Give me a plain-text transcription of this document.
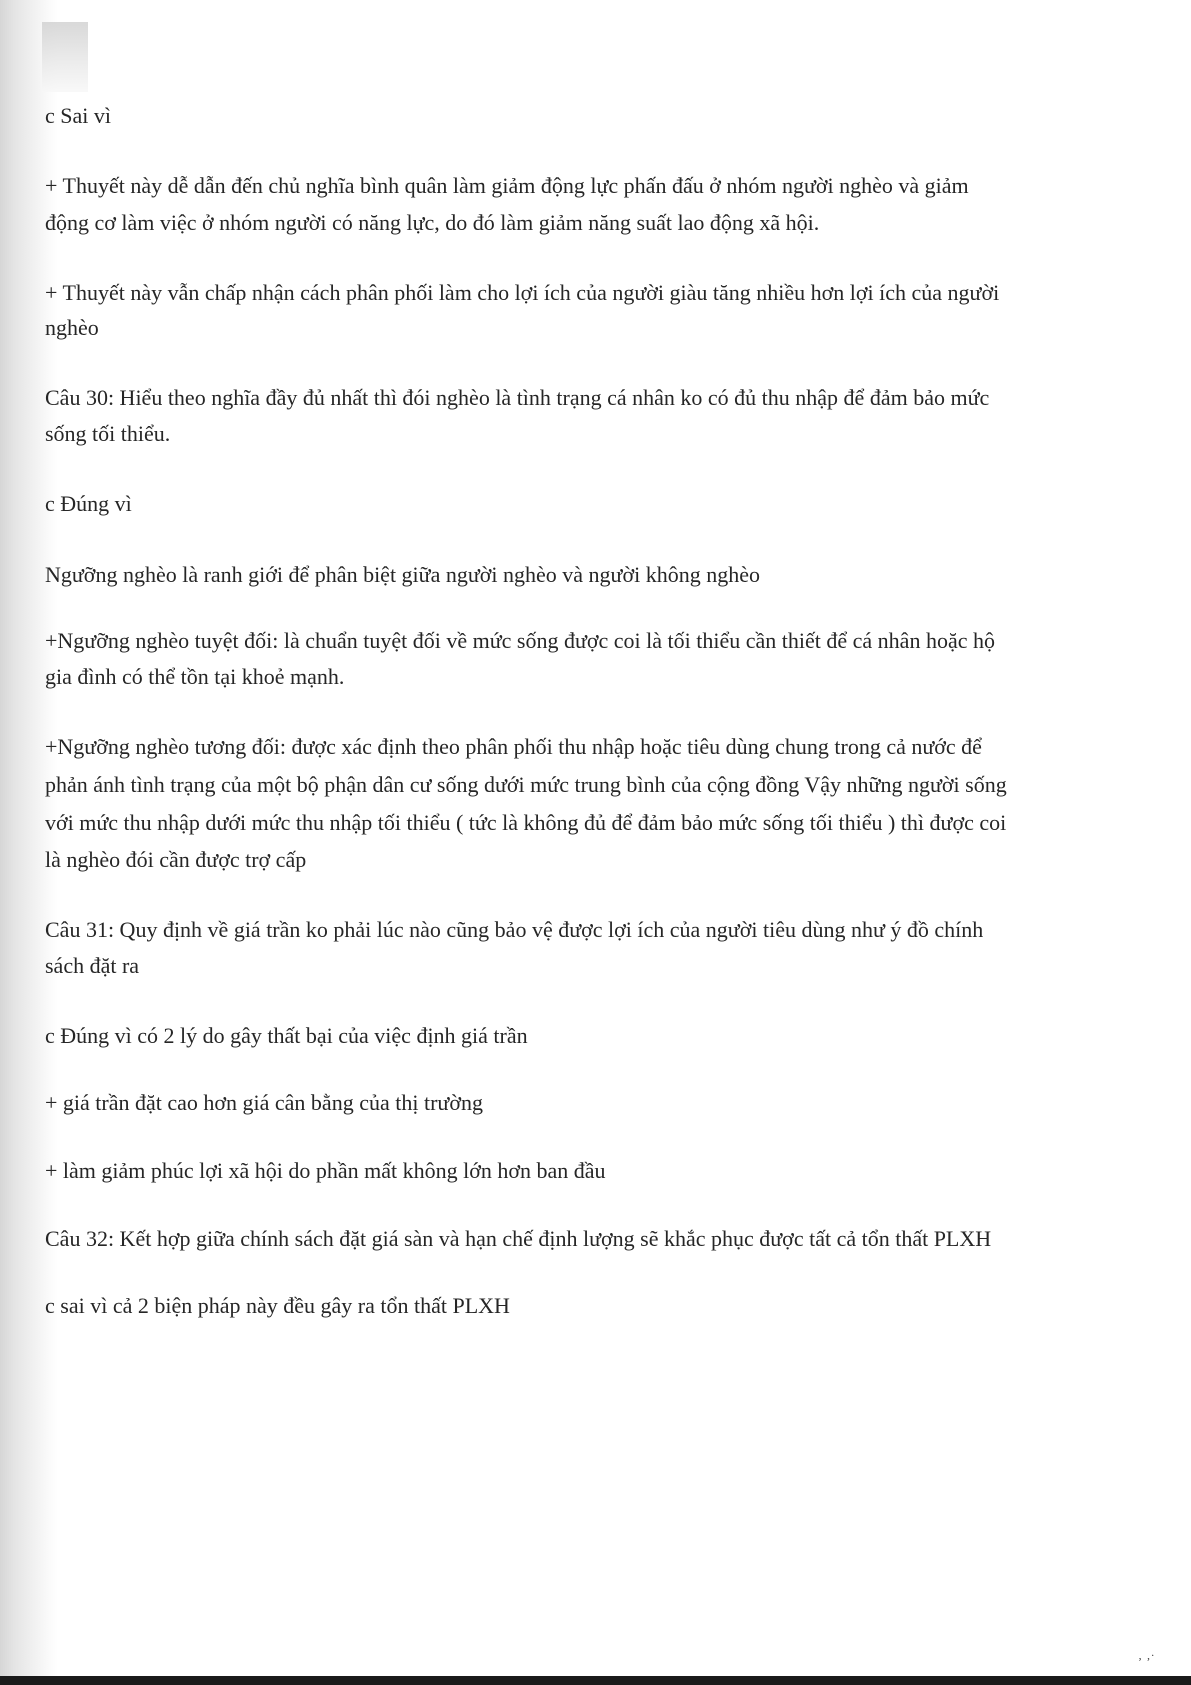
c Sai vì
+ Thuyết này dễ dẫn đến chủ nghĩa bình quân làm giảm động lực phấn đấu ở nhóm người nghèo và giảm
động cơ làm việc ở nhóm người có năng lực, do đó làm giảm năng suất lao động xã hội.
+ Thuyết này vẫn chấp nhận cách phân phối làm cho lợi ích của người giàu tăng nhiều hơn lợi ích của người
nghèo
Câu 30: Hiểu theo nghĩa đầy đủ nhất thì đói nghèo là tình trạng cá nhân ko có đủ thu nhập để đảm bảo mức
sống tối thiểu.
c Đúng vì
Ngưỡng nghèo là ranh giới để phân biệt giữa người nghèo và người không nghèo
+Ngưỡng nghèo tuyệt đối: là chuẩn tuyệt đối về mức sống được coi là tối thiểu cần thiết để cá nhân hoặc hộ
gia đình có thể tồn tại khoẻ mạnh.
+Ngưỡng nghèo tương đối: được xác định theo phân phối thu nhập hoặc tiêu dùng chung trong cả nước để
phản ánh tình trạng của một bộ phận dân cư sống dưới mức trung bình của cộng đồng Vậy những người sống
với mức thu nhập dưới mức thu nhập tối thiểu ( tức là không đủ để đảm bảo mức sống tối thiểu ) thì được coi
là nghèo đói cần được trợ cấp
Câu 31: Quy định về giá trần ko phải lúc nào cũng bảo vệ được lợi ích của người tiêu dùng như ý đồ chính
sách đặt ra
c Đúng vì có 2 lý do gây thất bại của việc định giá trần
+ giá trần đặt cao hơn giá cân bằng của thị trường
+ làm giảm phúc lợi xã hội do phần mất không lớn hơn ban đầu
Câu 32: Kết hợp giữa chính sách đặt giá sàn và hạn chế định lượng sẽ khắc phục được tất cả tổn thất PLXH
c sai vì cả 2 biện pháp này đều gây ra tổn thất PLXH
‚ ,·
